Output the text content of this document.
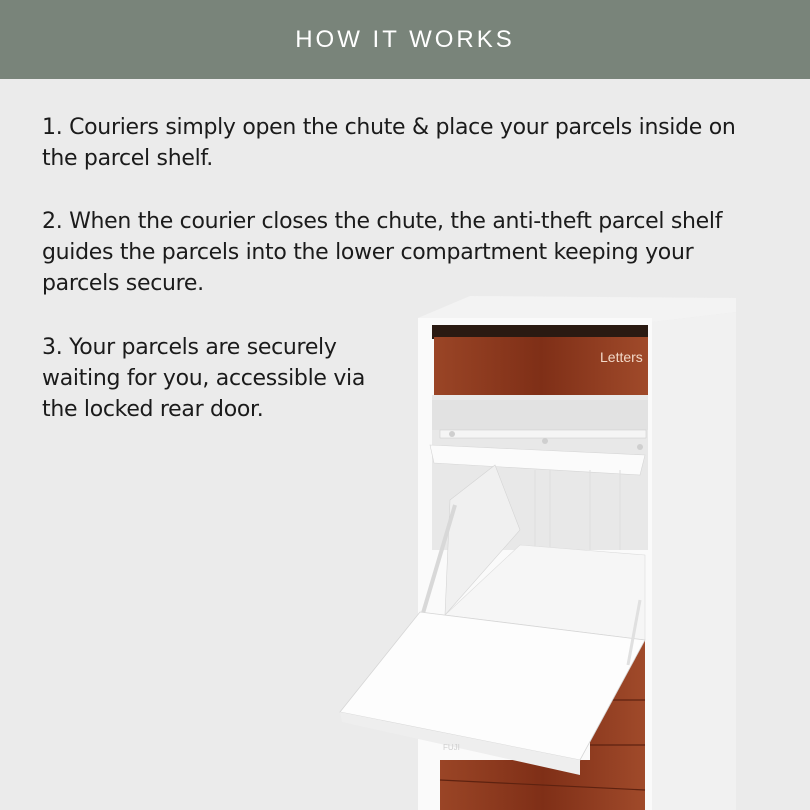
HOW IT WORKS
1. Couriers simply open the chute & place your parcels inside on the parcel shelf.
2. When the courier closes the chute, the anti-theft parcel shelf guides the parcels into the lower compartment keeping your parcels secure.
3. Your parcels are securely waiting for you, accessible via the locked rear door.
Letters
FUJI
